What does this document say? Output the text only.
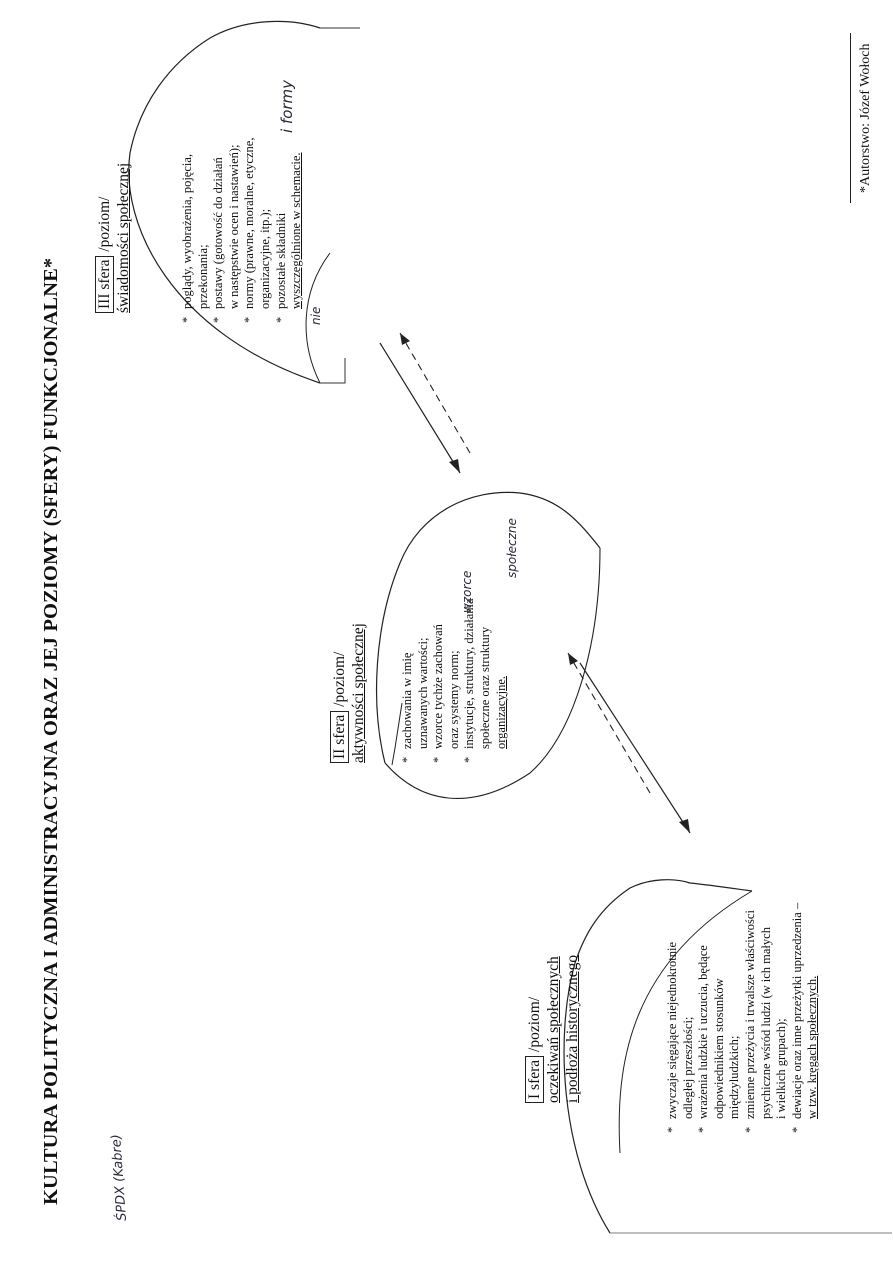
KULTURA POLITYCZNA I ADMINISTRACYJNA ORAZ JEJ POZIOMY (SFERY) FUNKCJONALNE*	ŚPDX (Kabre)
I sfera /poziom/ oczekiwań społecznych i podłoża historycznego	* zwyczaje sięgające niejednokrotnie odległej przeszłości; * wrażenia ludzkie i uczucia, będące odpowiednikiem stosunków międzyludzkich; * zmienne przeżycia i trwalsze właściwości psychiczne wśród ludzi (w ich małych i wielkich grupach); * dewiacje oraz inne przeżytki uprzedzenia – w tzw. kręgach społecznych.
II sfera /poziom/ aktywności społecznej	* zachowania w imię uznawanych wartości; * wzorce tychże zachowań oraz systemy norm; * instytucje, struktury, działania społeczne oraz struktury organizacyjne.
wzorce
społeczne
III sfera /poziom/ świadomości społecznej	* poglądy, wyobrażenia, pojęcia, przekonania; * postawy (gotowość do działań w następstwie ocen i nastawień); * normy (prawne, moralne, etyczne, organizacyjne, itp.); * pozostałe składniki wyszczególnione w schemacie.
i formy
nie
*Autorstwo: Józef Wołoch
